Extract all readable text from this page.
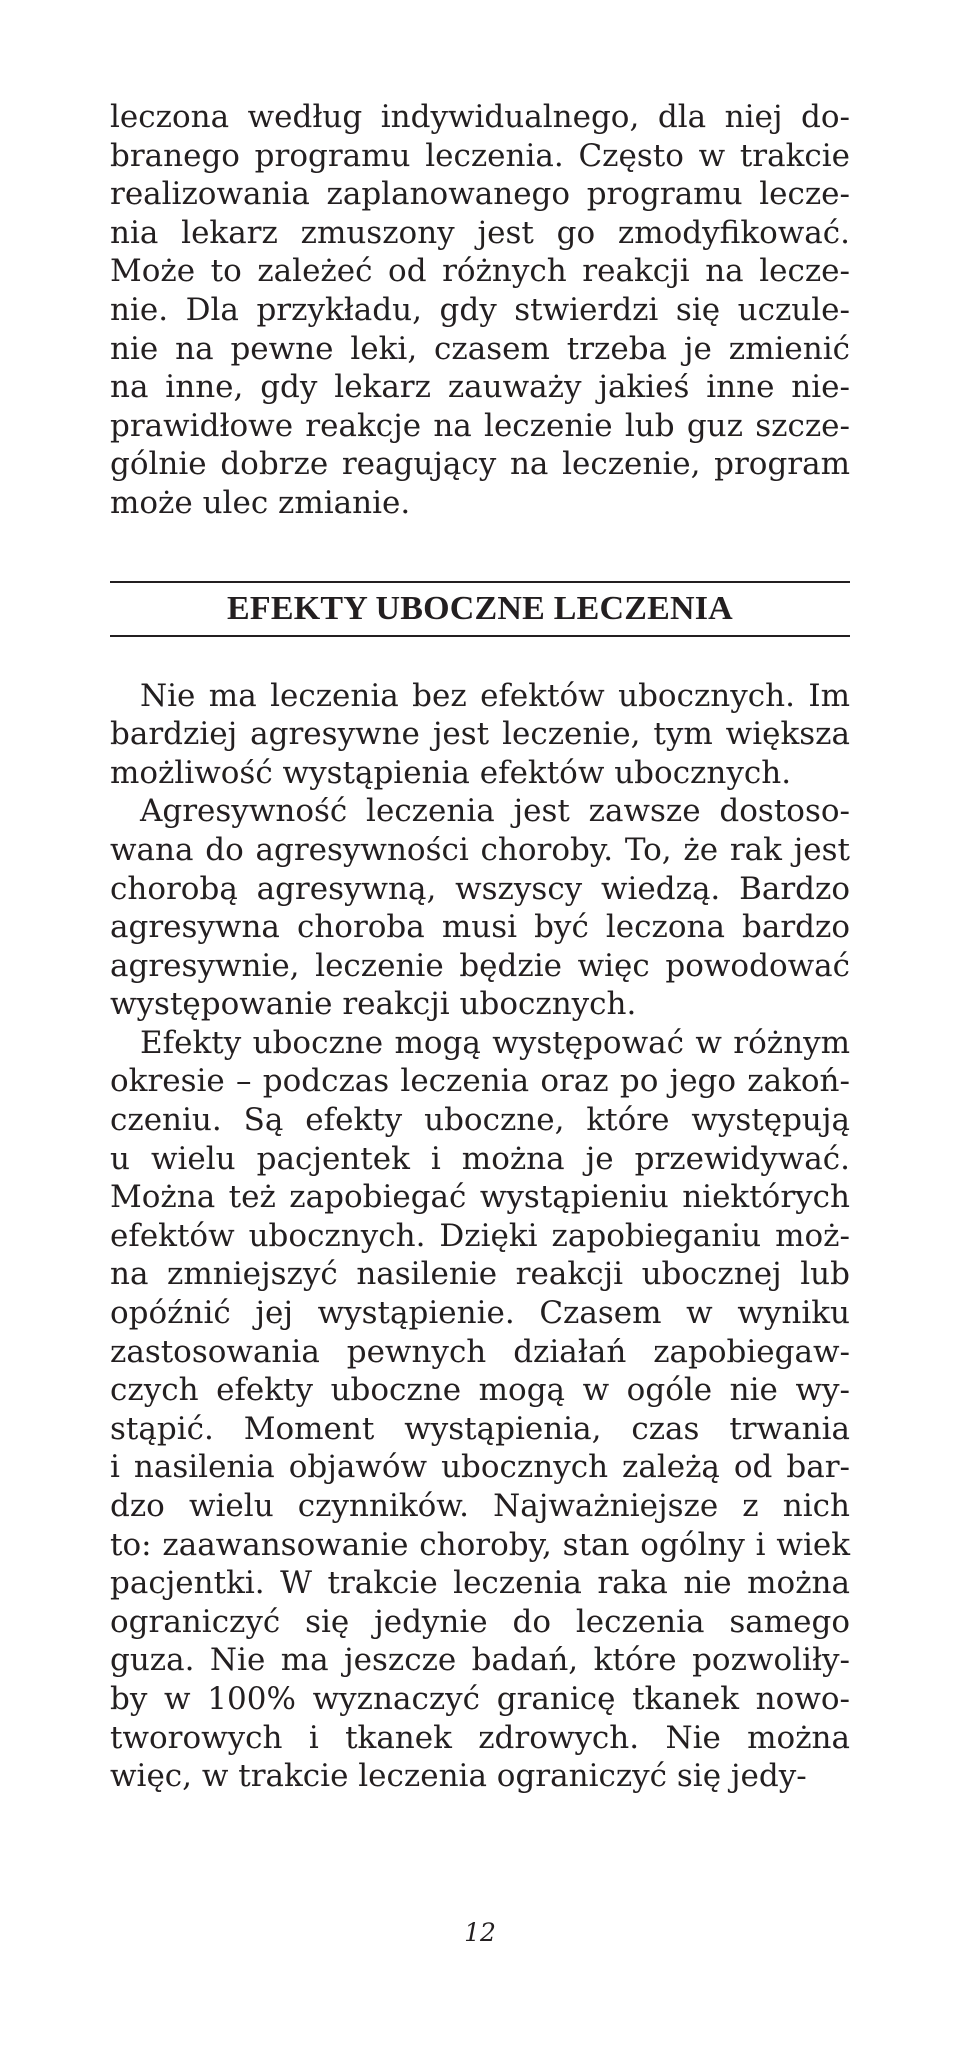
leczona według indywidualnego, dla niej do-
branego programu leczenia. Często w trakcie
realizowania zaplanowanego programu lecze-
nia lekarz zmuszony jest go zmodyfikować.
Może to zależeć od różnych reakcji na lecze-
nie. Dla przykładu, gdy stwierdzi się uczule-
nie na pewne leki, czasem trzeba je zmienić
na inne, gdy lekarz zauważy jakieś inne nie-
prawidłowe reakcje na leczenie lub guz szcze-
gólnie dobrze reagujący na leczenie, program
może ulec zmianie.
EFEKTY UBOCZNE LECZENIA
Nie ma leczenia bez efektów ubocznych. Im
bardziej agresywne jest leczenie, tym większa
możliwość wystąpienia efektów ubocznych.
Agresywność leczenia jest zawsze dostoso-
wana do agresywności choroby. To, że rak jest
chorobą agresywną, wszyscy wiedzą. Bardzo
agresywna choroba musi być leczona bardzo
agresywnie, leczenie będzie więc powodować
występowanie reakcji ubocznych.
Efekty uboczne mogą występować w różnym
okresie – podczas leczenia oraz po jego zakoń-
czeniu. Są efekty uboczne, które występują
u wielu pacjentek i można je przewidywać.
Można też zapobiegać wystąpieniu niektórych
efektów ubocznych. Dzięki zapobieganiu moż-
na zmniejszyć nasilenie reakcji ubocznej lub
opóźnić jej wystąpienie. Czasem w wyniku
zastosowania pewnych działań zapobiegaw-
czych efekty uboczne mogą w ogóle nie wy-
stąpić. Moment wystąpienia, czas trwania
i nasilenia objawów ubocznych zależą od bar-
dzo wielu czynników. Najważniejsze z nich
to: zaawansowanie choroby, stan ogólny i wiek
pacjentki. W trakcie leczenia raka nie można
ograniczyć się jedynie do leczenia samego
guza. Nie ma jeszcze badań, które pozwoliły-
by w 100% wyznaczyć granicę tkanek nowo-
tworowych i tkanek zdrowych. Nie można
więc, w trakcie leczenia ograniczyć się jedy-
12
